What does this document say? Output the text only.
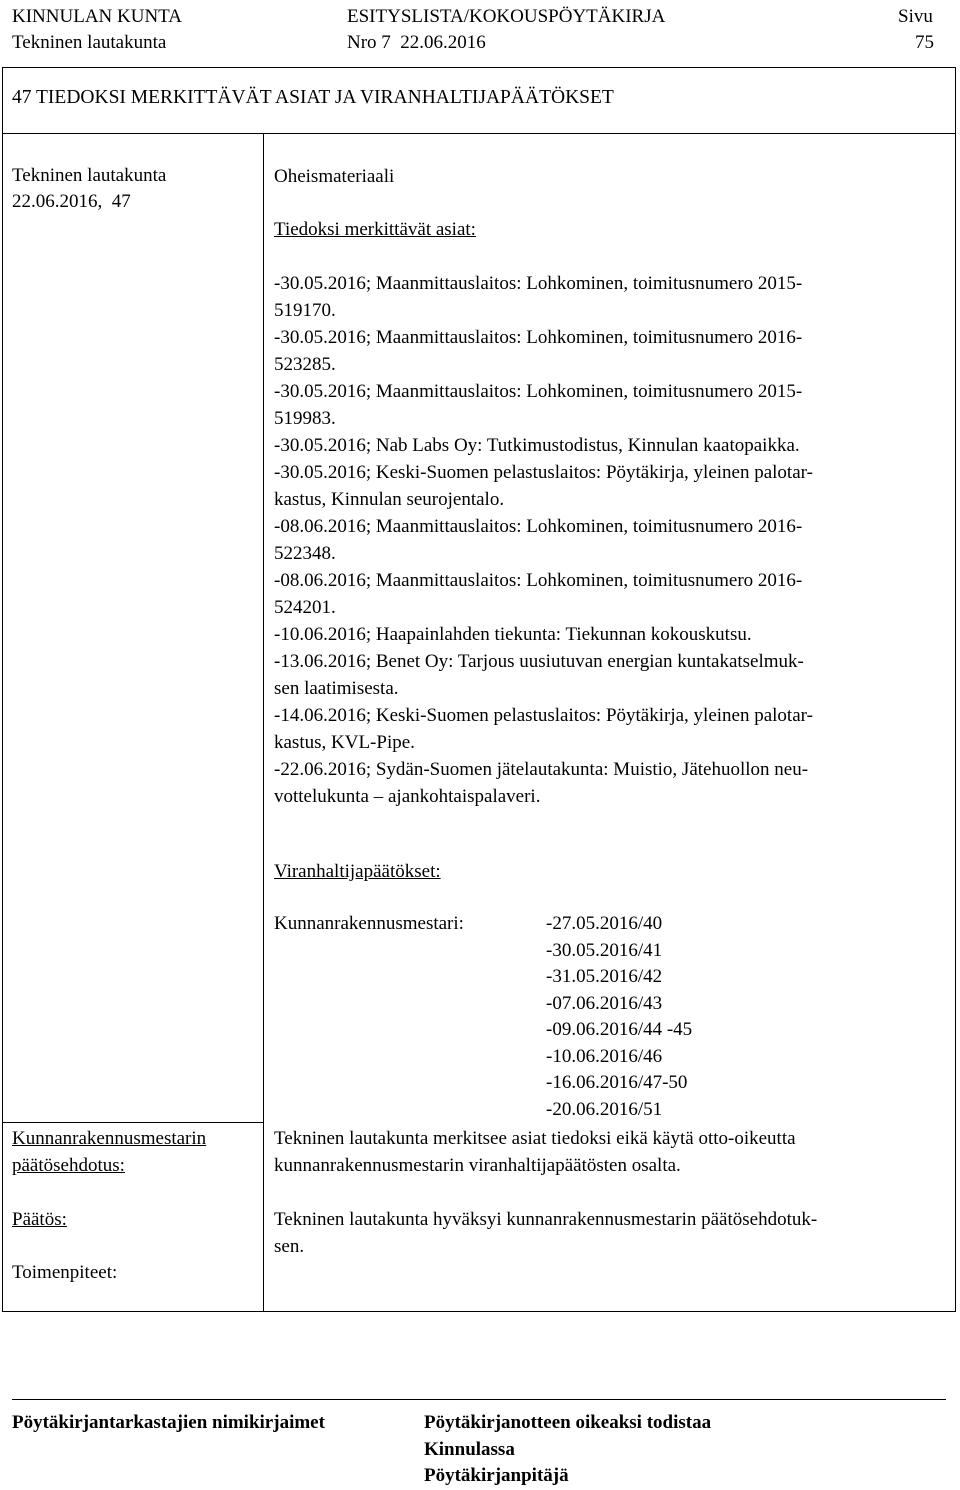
KINNULAN KUNTA	ESITYSLISTA/KOKOUSPÖYTÄKIRJA	Sivu
Tekninen lautakunta	Nro 7  22.06.2016	75
47 TIEDOKSI MERKITTÄVÄT ASIAT JA VIRANHALTIJAPÄÄTÖKSET
Tekninen lautakunta
22.06.2016,  47
Oheismateriaali
Tiedoksi merkittävät asiat:
-30.05.2016; Maanmittauslaitos: Lohkominen, toimitusnumero 2015-
519170.
-30.05.2016; Maanmittauslaitos: Lohkominen, toimitusnumero 2016-
523285.
-30.05.2016; Maanmittauslaitos: Lohkominen, toimitusnumero 2015-
519983.
-30.05.2016; Nab Labs Oy: Tutkimustodistus, Kinnulan kaatopaikka.
-30.05.2016; Keski-Suomen pelastuslaitos: Pöytäkirja, yleinen palotar-
kastus, Kinnulan seurojentalo.
-08.06.2016; Maanmittauslaitos: Lohkominen, toimitusnumero 2016-
522348.
-08.06.2016; Maanmittauslaitos: Lohkominen, toimitusnumero 2016-
524201.
-10.06.2016; Haapainlahden tiekunta: Tiekunnan kokouskutsu.
-13.06.2016; Benet Oy: Tarjous uusiutuvan energian kuntakatselmuk-
sen laatimisesta.
-14.06.2016; Keski-Suomen pelastuslaitos: Pöytäkirja, yleinen palotar-
kastus, KVL-Pipe.
-22.06.2016; Sydän-Suomen jätelautakunta: Muistio, Jätehuollon neu-
vottelukunta – ajankohtaispalaveri.
Viranhaltijapäätökset:
Kunnanrakennusmestari:	-27.05.2016/40
-30.05.2016/41
-31.05.2016/42
-07.06.2016/43
-09.06.2016/44 -45
-10.06.2016/46
-16.06.2016/47-50
-20.06.2016/51
Kunnanrakennusmestarin
päätösehdotus:
Tekninen lautakunta merkitsee asiat tiedoksi eikä käytä otto-oikeutta
kunnanrakennusmestarin viranhaltijapäätösten osalta.
Päätös:	Tekninen lautakunta hyväksyi kunnanrakennusmestarin päätösehdotuk-
sen.
Toimenpiteet:
Pöytäkirjantarkastajien nimikirjaimet	Pöytäkirjanotteen oikeaksi todistaa
Kinnulassa
Pöytäkirjanpitäjä
